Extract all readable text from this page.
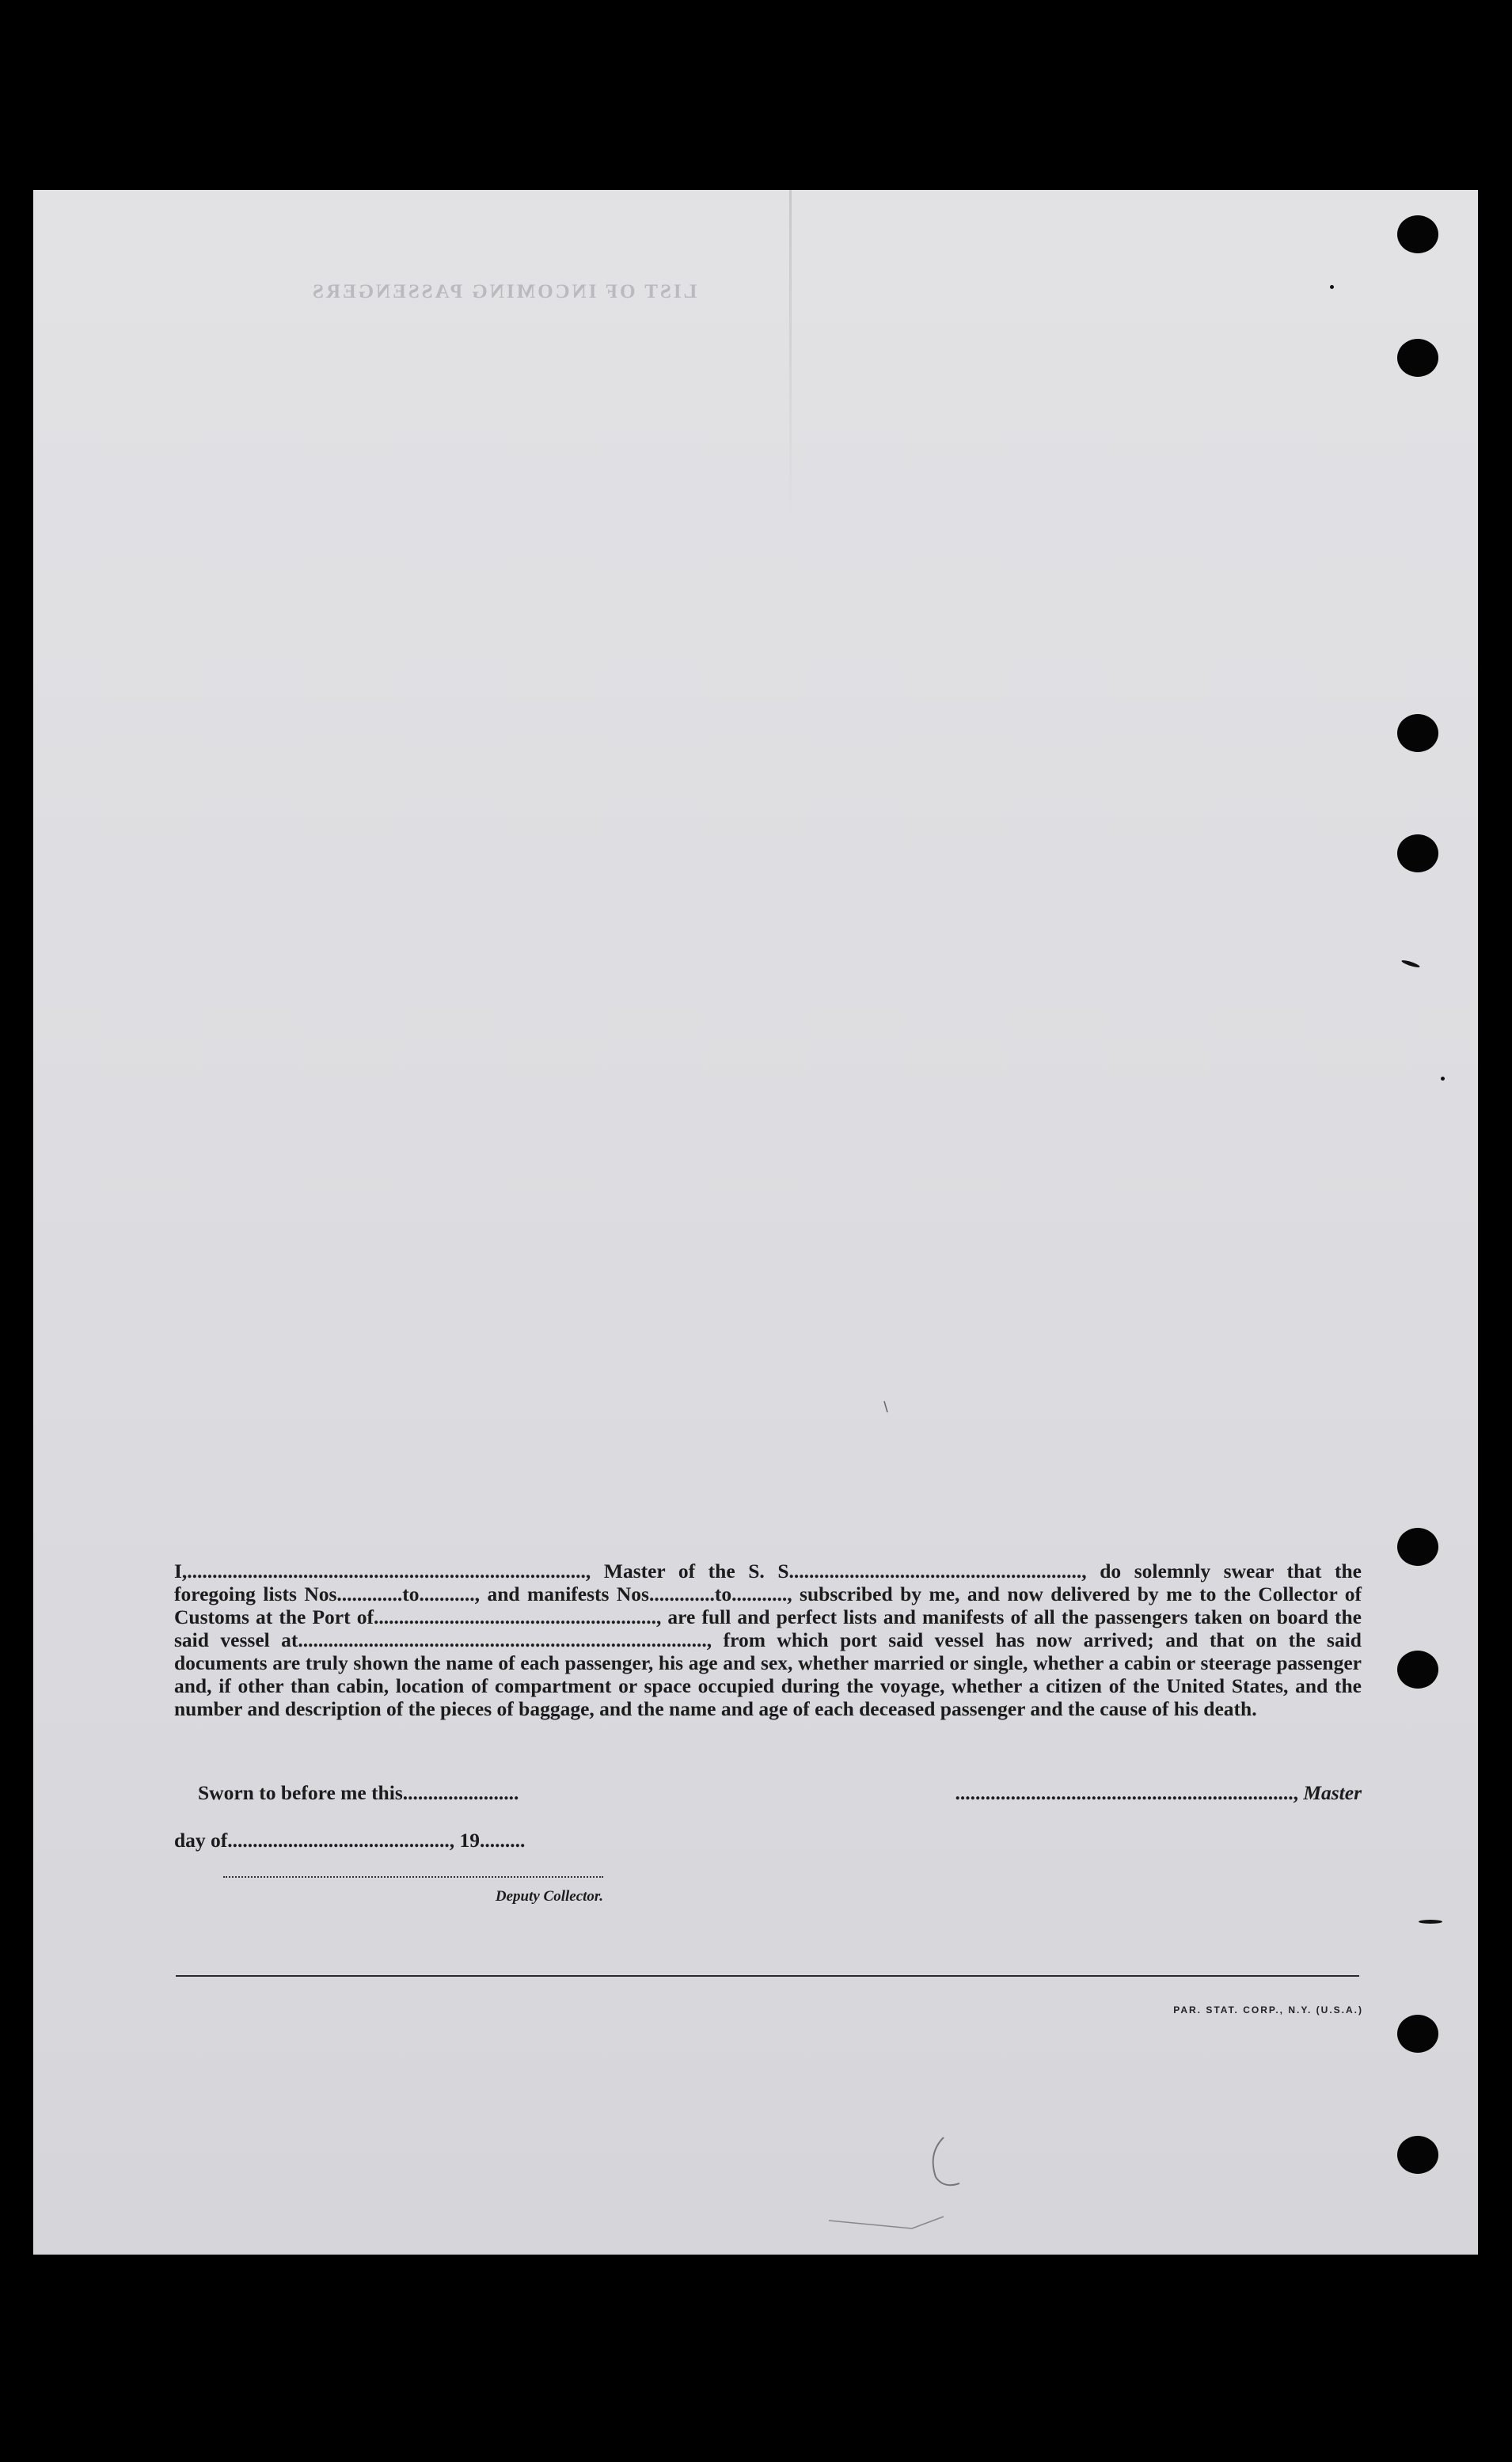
LIST OF INCOMING PASSENGERS
I,..............................................................................., Master of the S. S.........................................................., do solemnly swear that the foregoing lists Nos.............to..........., and manifests Nos.............to..........., subscribed by me, and now delivered by me to the Collector of Customs at the Port of........................................................, are full and perfect lists and manifests of all the passengers taken on board the said vessel at................................................................................., from which port said vessel has now arrived; and that on the said documents are truly shown the name of each passenger, his age and sex, whether married or single, whether a cabin or steerage passenger and, if other than cabin, location of compartment or space occupied during the voyage, whether a citizen of the United States, and the number and description of the pieces of baggage, and the name and age of each deceased passenger and the cause of his death.
Sworn to before me this.......................	..................................................................., Master
day of............................................, 19.........
Deputy Collector.
PAR. STAT. CORP., N.Y. (U.S.A.)
